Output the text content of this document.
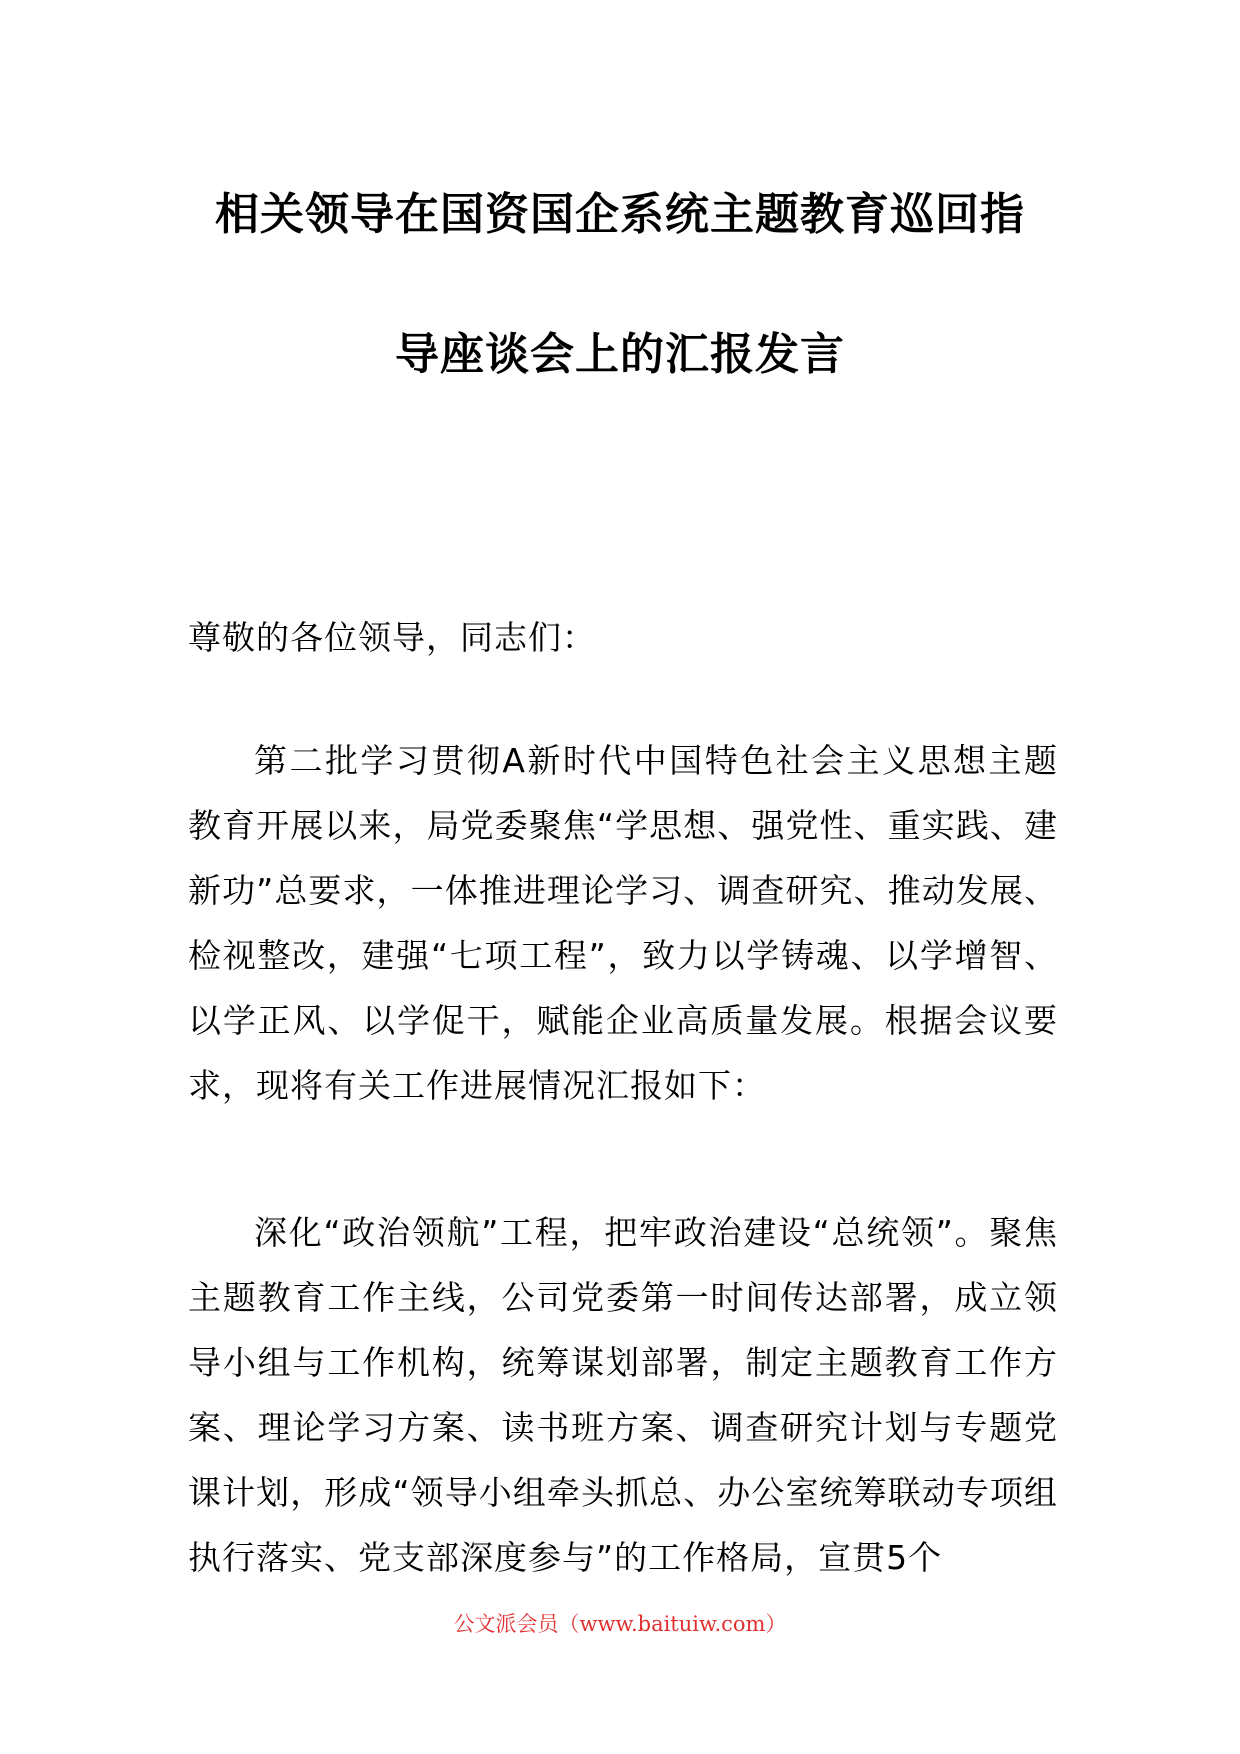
相关领导在国资国企系统主题教育巡回指
导座谈会上的汇报发言
尊敬的各位领导，同志们：

第二批学习贯彻A新时代中国特色社会主义思想主题教育开展以来，局党委聚焦“学思想、强党性、重实践、建新功”总要求，一体推进理论学习、调查研究、推动发展、检视整改，建强“七项工程”，致力以学铸魂、以学增智、以学正风、以学促干，赋能企业高质量发展。根据会议要求，现将有关工作进展情况汇报如下：

深化“政治领航”工程，把牢政治建设“总统领”。聚焦主题教育工作主线，公司党委第一时间传达部署，成立领导小组与工作机构，统筹谋划部署，制定主题教育工作方案、理论学习方案、读书班方案、调查研究计划与专题党课计划，形成“领导小组牵头抓总、办公室统筹联动专项组执行落实、党支部深度参与”的工作格局，宣贯5个

公文派会员（www.baituiw.com）
